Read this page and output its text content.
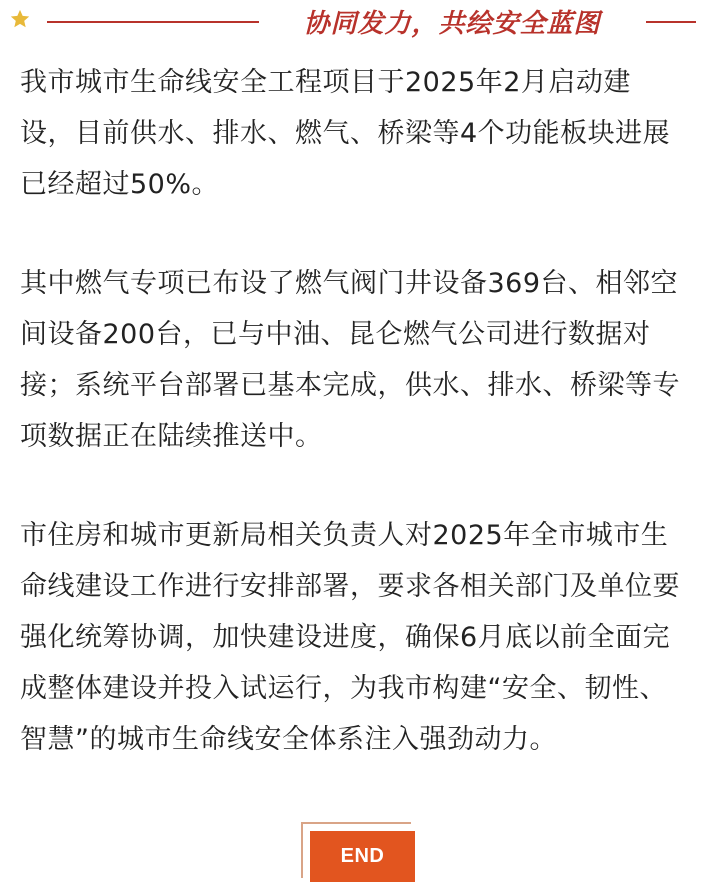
协同发力，共绘安全蓝图

我市城市生命线安全工程项目于2025年2月启动建设，目前供水、排水、燃气、桥梁等4个功能板块进展已经超过50%。

其中燃气专项已布设了燃气阀门井设备369台、相邻空间设备200台，已与中油、昆仑燃气公司进行数据对接；系统平台部署已基本完成，供水、排水、桥梁等专项数据正在陆续推送中。

市住房和城市更新局相关负责人对2025年全市城市生命线建设工作进行安排部署，要求各相关部门及单位要强化统筹协调，加快建设进度，确保6月底以前全面完成整体建设并投入试运行，为我市构建“安全、韧性、智慧”的城市生命线安全体系注入强劲动力。

END
